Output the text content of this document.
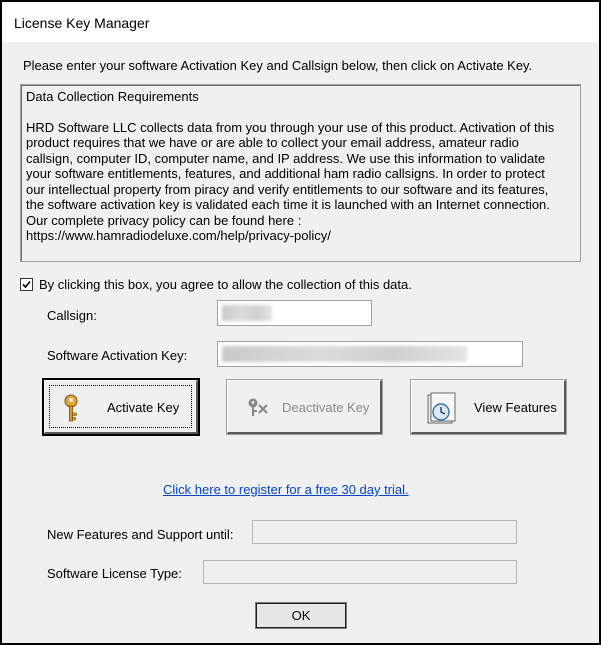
License Key Manager
Please enter your software Activation Key and Callsign below, then click on Activate Key.

Data Collection Requirements

HRD Software LLC collects data from you through your use of this product. Activation of this
product requires that we have or are able to collect your email address, amateur radio
callsign, computer ID, computer name, and IP address. We use this information to validate
your software entitlements, features, and additional ham radio callsigns. In order to protect
our intellectual property from piracy and verify entitlements to our software and its features,
the software activation key is validated each time it is launched with an Internet connection.
Our complete privacy policy can be found here :
https://www.hamradiodeluxe.com/help/privacy-policy/

By clicking this box, you agree to allow the collection of this data.
Callsign:
Software Activation Key:
Activate Key	Deactivate Key	View Features
Click here to register for a free 30 day trial.
New Features and Support until:
Software License Type:
OK
